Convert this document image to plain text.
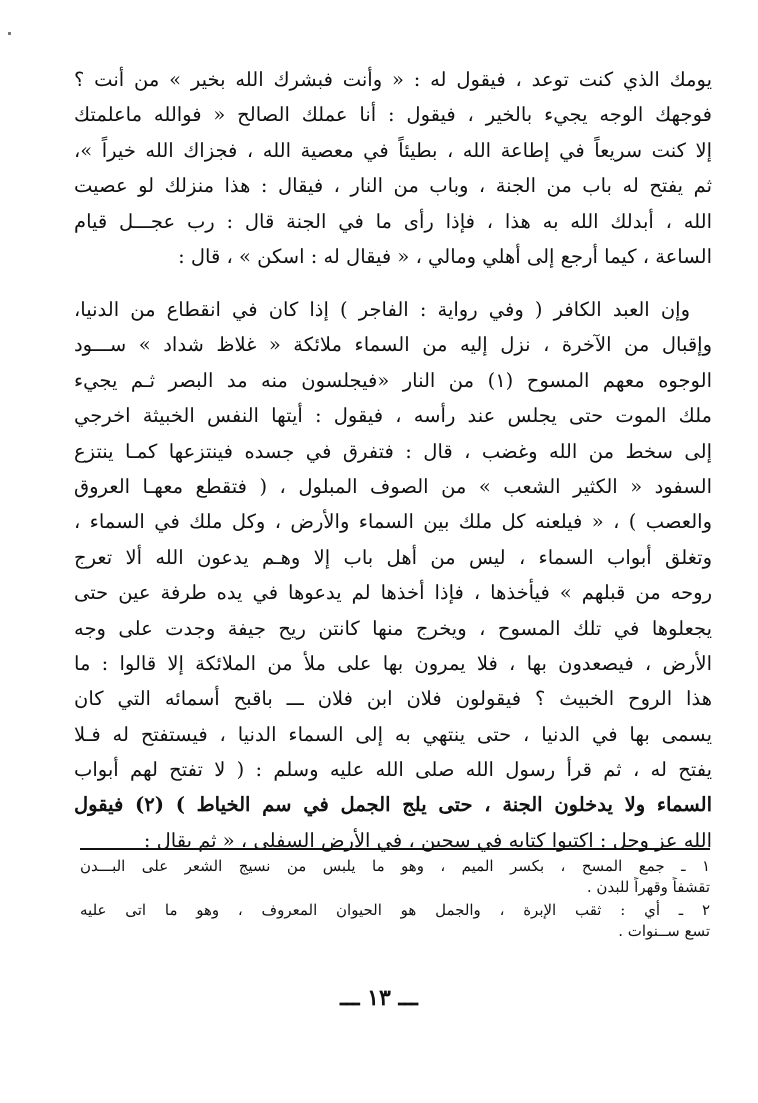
يومك الذي كنت توعد ، فيقول له : « وأنت فبشرك الله بخير » من أنت ؟
فوجهك الوجه يجيء بالخير ، فيقول : أنا عملك الصالح « فوالله ماعلمتك
إلا كنت سريعاً في إطاعة الله ، بطيئاً في معصية الله ، فجزاك الله خيراً »،
ثم يفتح له باب من الجنة ، وباب من النار ، فيقال : هذا منزلك لو عصيت
الله ، أبدلك الله به هذا ، فإذا رأى ما في الجنة قال : رب عجـــل قيام
الساعة ، كيما أرجع إلى أهلي ومالي ، « فيقال له : اسكن » ، قال :
وإن العبد الكافر ( وفي رواية : الفاجر ) إذا كان في انقطاع من الدنيا،
وإقبال من الآخرة ، نزل إليه من السماء ملائكة « غلاظ شداد » ســـود
الوجوه معهم المسوح (١) من النار «فيجلسون منه مد البصر ثـم يجيء
ملك الموت حتى يجلس عند رأسه ، فيقول : أيتها النفس الخبيثة اخرجي
إلى سخط من الله وغضب ، قال : فتفرق في جسده فينتزعها كمـا ينتزع
السفود « الكثير الشعب » من الصوف المبلول ، ( فتقطع معهـا العروق
والعصب ) ، « فيلعنه كل ملك بين السماء والأرض ، وكل ملك في السماء ،
وتغلق أبواب السماء ، ليس من أهل باب إلا وهـم يدعون الله ألا تعرج
روحه من قبلهم » فيأخذها ، فإذا أخذها لم يدعوها في يده طرفة عين حتى
يجعلوها في تلك المسوح ، ويخرج منها كانتن ريح جيفة وجدت على وجه
الأرض ، فيصعدون بها ، فلا يمرون بها على ملأ من الملائكة إلا قالوا : ما
هذا الروح الخبيث ؟ فيقولون فلان ابن فلان ـــ باقبح أسمائه التي كان
يسمى بها في الدنيا ، حتى ينتهي به إلى السماء الدنيا ، فيستفتح له فـلا
يفتح له ، ثم قرأ رسول الله صلى الله عليه وسلم : ( لا تفتح لهم أبواب
السماء ولا يدخلون الجنة ، حتى يلج الجمل في سم الخياط ) (٢) فيقول
الله عز وجل : اكتبوا كتابه في سجين ، في الأرض السفلى ، « ثم يقال :
١ ـ جمع المسح ، بكسر الميم ، وهو ما يلبس من نسيج الشعر على البـــدن
تقشفاً وقهراً للبدن .
٢ ـ أي : ثقب الإبرة ، والجمل هو الحيوان المعروف ، وهو ما اتى عليه
تسع ســنوات .
ـــ ١٣ ـــ
